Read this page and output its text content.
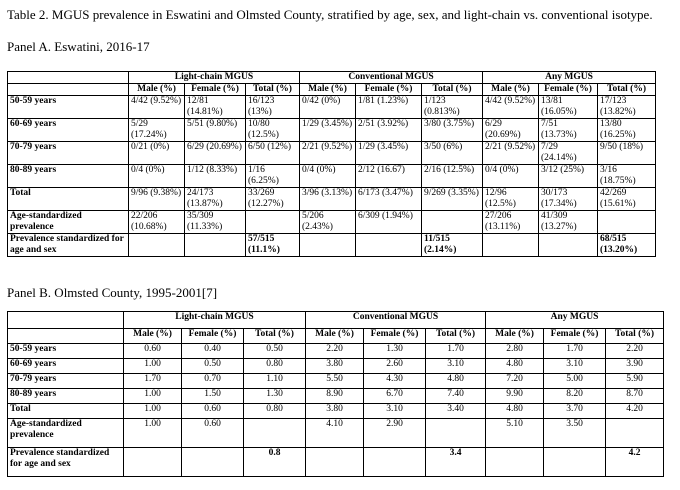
Table 2. MGUS prevalence in Eswatini and Olmsted County, stratified by age, sex, and light-chain vs. conventional isotype.
Panel A. Eswatini, 2016-17
	Light-chain MGUS			Conventional MGUS			Any MGUS		
	Male (%)	Female (%)	Total (%)	Male (%)	Female (%)	Total (%)	Male (%)	Female (%)	Total (%)
50-59 years	4/42 (9.52%)	12/81 (14.81%)	16/123 (13%)	0/42 (0%)	1/81 (1.23%)	1/123 (0.813%)	4/42 (9.52%)	13/81 (16.05%)	17/123 (13.82%)
60-69 years	5/29 (17.24%)	5/51 (9.80%)	10/80 (12.5%)	1/29 (3.45%)	2/51 (3.92%)	3/80 (3.75%)	6/29 (20.69%)	7/51 (13.73%)	13/80 (16.25%)
70-79 years	0/21 (0%)	6/29 (20.69%)	6/50 (12%)	2/21 (9.52%)	1/29 (3.45%)	3/50 (6%)	2/21 (9.52%)	7/29 (24.14%)	9/50 (18%)
80-89 years	0/4 (0%)	1/12 (8.33%)	1/16 (6.25%)	0/4 (0%)	2/12 (16.67)	2/16 (12.5%)	0/4 (0%)	3/12 (25%)	3/16 (18.75%)
Total	9/96 (9.38%)	24/173 (13.87%)	33/269 (12.27%)	3/96 (3.13%)	6/173 (3.47%)	9/269 (3.35%)	12/96 (12.5%)	30/173 (17.34%)	42/269 (15.61%)
Age-standardized prevalence	22/206 (10.68%)	35/309 (11.33%)		5/206 (2.43%)	6/309 (1.94%)		27/206 (13.11%)	41/309 (13.27%)	
Prevalence standardized for age and sex			57/515 (11.1%)			11/515 (2.14%)			68/515 (13.20%)
Panel B. Olmsted County, 1995-2001[7]
	Light-chain MGUS			Conventional MGUS			Any MGUS		
	Male (%)	Female (%)	Total (%)	Male (%)	Female (%)	Total (%)	Male (%)	Female (%)	Total (%)
50-59 years	0.60	0.40	0.50	2.20	1.30	1.70	2.80	1.70	2.20
60-69 years	1.00	0.50	0.80	3.80	2.60	3.10	4.80	3.10	3.90
70-79 years	1.70	0.70	1.10	5.50	4.30	4.80	7.20	5.00	5.90
80-89 years	1.00	1.50	1.30	8.90	6.70	7.40	9.90	8.20	8.70
Total	1.00	0.60	0.80	3.80	3.10	3.40	4.80	3.70	4.20
Age-standardized prevalence	1.00	0.60		4.10	2.90		5.10	3.50	
Prevalence standardized for age and sex			0.8			3.4			4.2
